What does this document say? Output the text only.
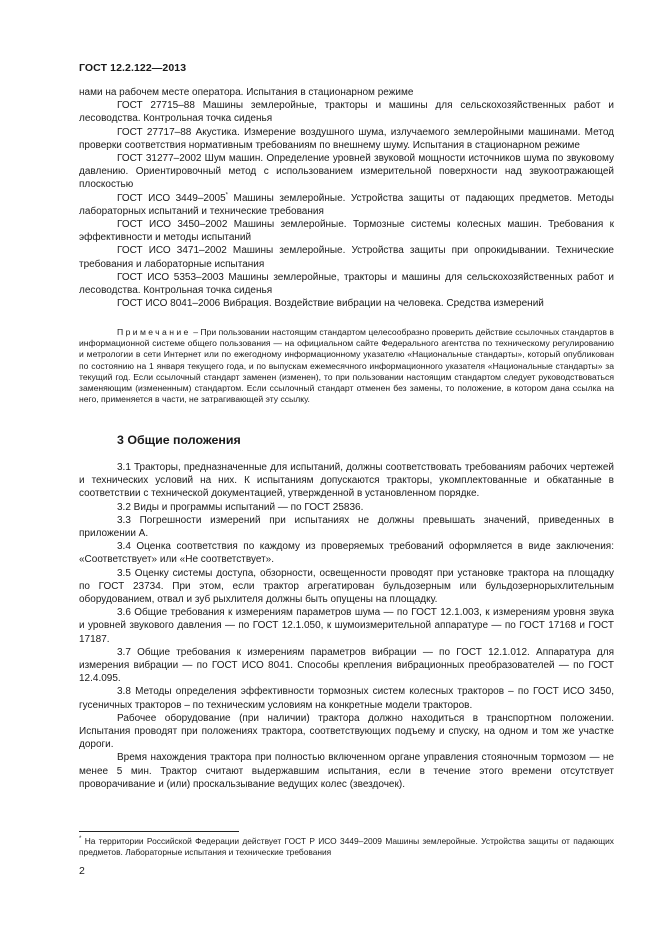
ГОСТ 12.2.122—2013

нами на рабочем месте оператора. Испытания в стационарном режиме

ГОСТ 27715–88 Машины землеройные, тракторы и машины для сельскохозяйственных работ и лесоводства. Контрольная точка сиденья

ГОСТ 27717–88 Акустика. Измерение воздушного шума, излучаемого землеройными машинами. Метод проверки соответствия нормативным требованиям по внешнему шуму. Испытания в стационарном режиме

ГОСТ 31277–2002 Шум машин. Определение уровней звуковой мощности источников шума по звуковому давлению. Ориентировочный метод с использованием измерительной поверхности над звукоотражающей плоскостью

ГОСТ ИСО 3449–2005* Машины землеройные. Устройства защиты от падающих предметов. Методы лабораторных испытаний и технические требования

ГОСТ ИСО 3450–2002 Машины землеройные. Тормозные системы колесных машин. Требования к эффективности и методы испытаний

ГОСТ ИСО 3471–2002 Машины землеройные. Устройства защиты при опрокидывании. Технические требования и лабораторные испытания

ГОСТ ИСО 5353–2003 Машины землеройные, тракторы и машины для сельскохозяйственных работ и лесоводства. Контрольная точка сиденья

ГОСТ ИСО 8041–2006 Вибрация. Воздействие вибрации на человека. Средства измерений

Примечание – При пользовании настоящим стандартом целесообразно проверить действие ссылочных стандартов в информационной системе общего пользования — на официальном сайте Федерального агентства по техническому регулированию и метрологии в сети Интернет или по ежегодному информационному указателю «Национальные стандарты», который опубликован по состоянию на 1 января текущего года, и по выпускам ежемесячного информационного указателя «Национальные стандарты» за текущий год. Если ссылочный стандарт заменен (изменен), то при пользовании настоящим стандартом следует руководствоваться заменяющим (измененным) стандартом. Если ссылочный стандарт отменен без замены, то положение, в котором дана ссылка на него, применяется в части, не затрагивающей эту ссылку.

3 Общие положения

3.1 Тракторы, предназначенные для испытаний, должны соответствовать требованиям рабочих чертежей и технических условий на них. К испытаниям допускаются тракторы, укомплектованные и обкатанные в соответствии с технической документацией, утвержденной в установленном порядке.

3.2 Виды и программы испытаний — по ГОСТ 25836.

3.3 Погрешности измерений при испытаниях не должны превышать значений, приведенных в приложении А.

3.4 Оценка соответствия по каждому из проверяемых требований оформляется в виде заключения: «Соответствует» или «Не соответствует».

3.5 Оценку системы доступа, обзорности, освещенности проводят при установке трактора на площадку по ГОСТ 23734. При этом, если трактор агрегатирован бульдозерным или бульдозернорыхлительным оборудованием, отвал и зуб рыхлителя должны быть опущены на площадку.

3.6 Общие требования к измерениям параметров шума — по ГОСТ 12.1.003, к измерениям уровня звука и уровней звукового давления — по ГОСТ 12.1.050, к шумоизмерительной аппаратуре — по ГОСТ 17168 и ГОСТ 17187.

3.7 Общие требования к измерениям параметров вибрации — по ГОСТ 12.1.012. Аппаратура для измерения вибрации — по ГОСТ ИСО 8041. Способы крепления вибрационных преобразователей — по ГОСТ 12.4.095.

3.8 Методы определения эффективности тормозных систем колесных тракторов – по ГОСТ ИСО 3450, гусеничных тракторов – по техническим условиям на конкретные модели тракторов.

Рабочее оборудование (при наличии) трактора должно находиться в транспортном положении. Испытания проводят при положениях трактора, соответствующих подъему и спуску, на одном и том же участке дороги.

Время нахождения трактора при полностью включенном органе управления стояночным тормозом — не менее 5 мин. Трактор считают выдержавшим испытания, если в течение этого времени отсутствует проворачивание и (или) проскальзывание ведущих колес (звездочек).

* На территории Российской Федерации действует ГОСТ Р ИСО 3449–2009 Машины землеройные. Устройства защиты от падающих предметов. Лабораторные испытания и технические требования

2
